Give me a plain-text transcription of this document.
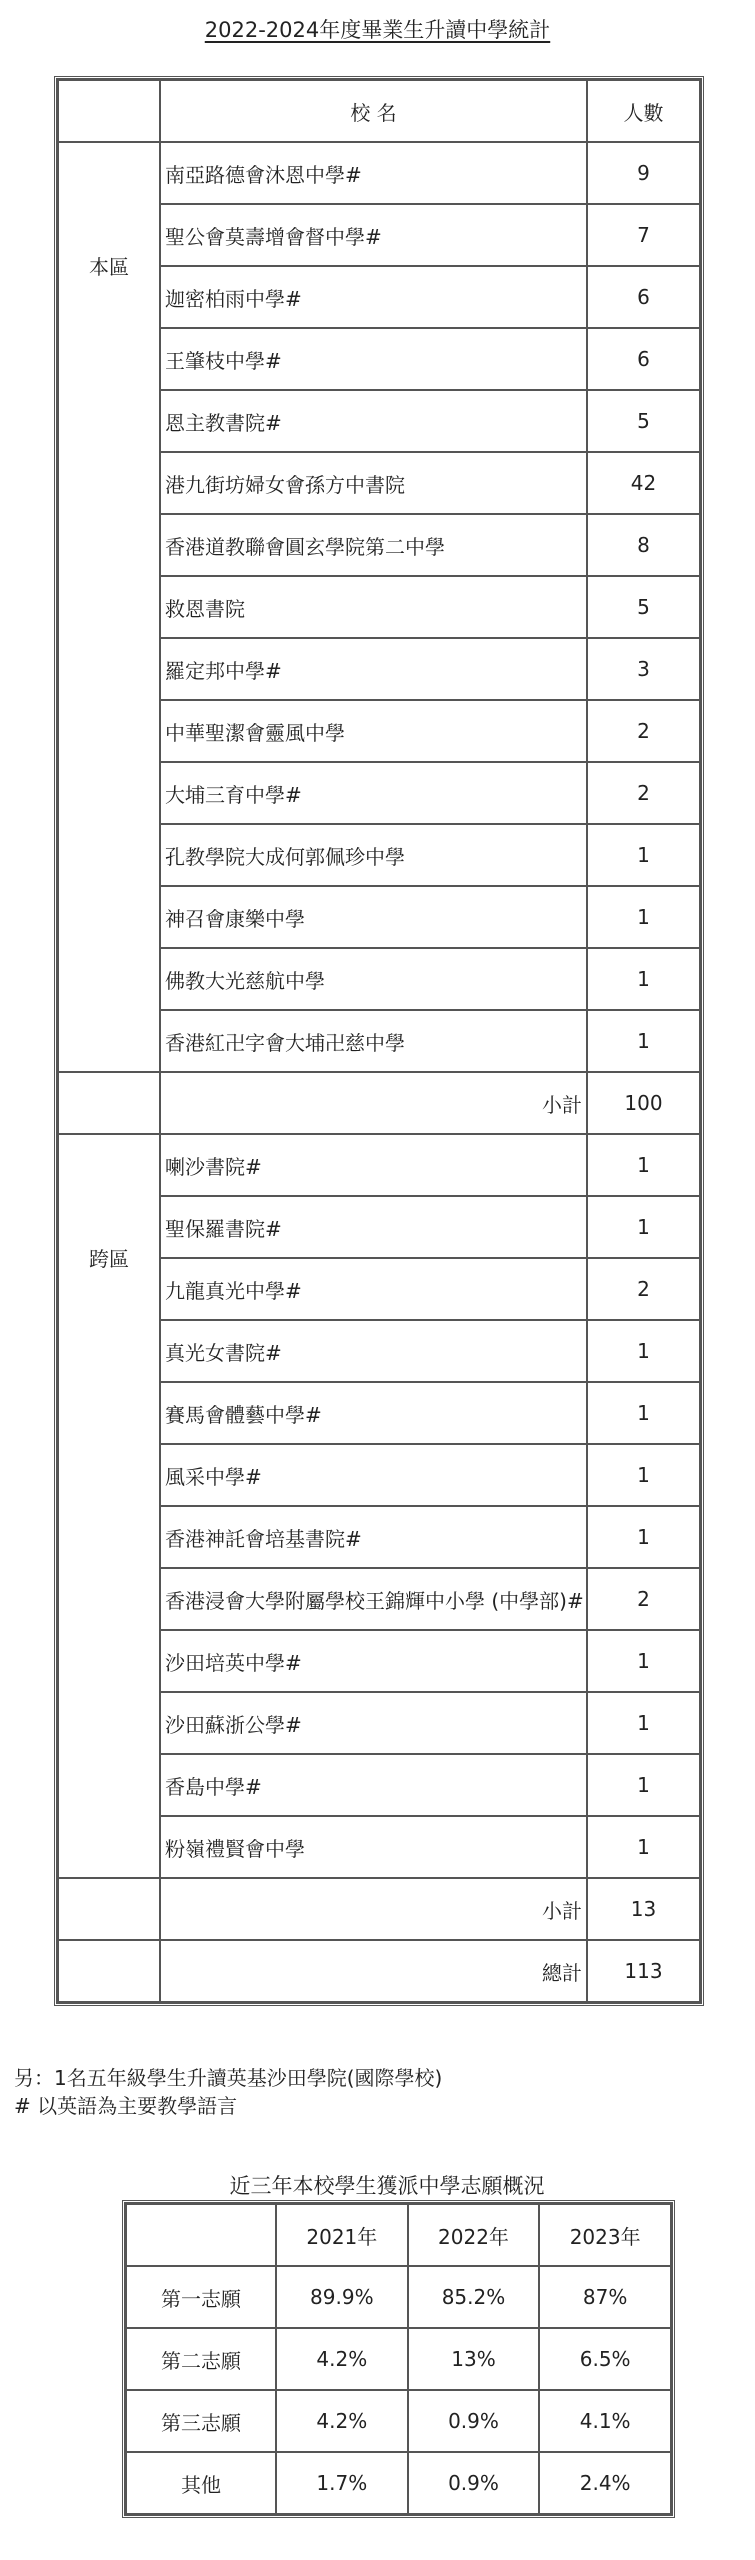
2022-2024年度畢業生升讀中學統計
	校 名	人數
本區	南亞路德會沐恩中學#	9
	聖公會莫壽增會督中學#	7
	迦密柏雨中學#	6
	王肇枝中學#	6
	恩主教書院#	5
	港九街坊婦女會孫方中書院	42
	香港道教聯會圓玄學院第二中學	8
	救恩書院	5
	羅定邦中學#	3
	中華聖潔會靈風中學	2
	大埔三育中學#	2
	孔教學院大成何郭佩珍中學	1
	神召會康樂中學	1
	佛教大光慈航中學	1
	香港紅卍字會大埔卍慈中學	1
	小計	100
跨區	喇沙書院#	1
	聖保羅書院#	1
	九龍真光中學#	2
	真光女書院#	1
	賽馬會體藝中學#	1
	風采中學#	1
	香港神託會培基書院#	1
	香港浸會大學附屬學校王錦輝中小學 (中學部)#	2
	沙田培英中學#	1
	沙田蘇浙公學#	1
	香島中學#	1
	粉嶺禮賢會中學	1
	小計	13
	總計	113
另：1名五年級學生升讀英基沙田學院(國際學校)
# 以英語為主要教學語言
近三年本校學生獲派中學志願概況
	2021年	2022年	2023年
第一志願	89.9%	85.2%	87%
第二志願	4.2%	13%	6.5%
第三志願	4.2%	0.9%	4.1%
其他	1.7%	0.9%	2.4%
